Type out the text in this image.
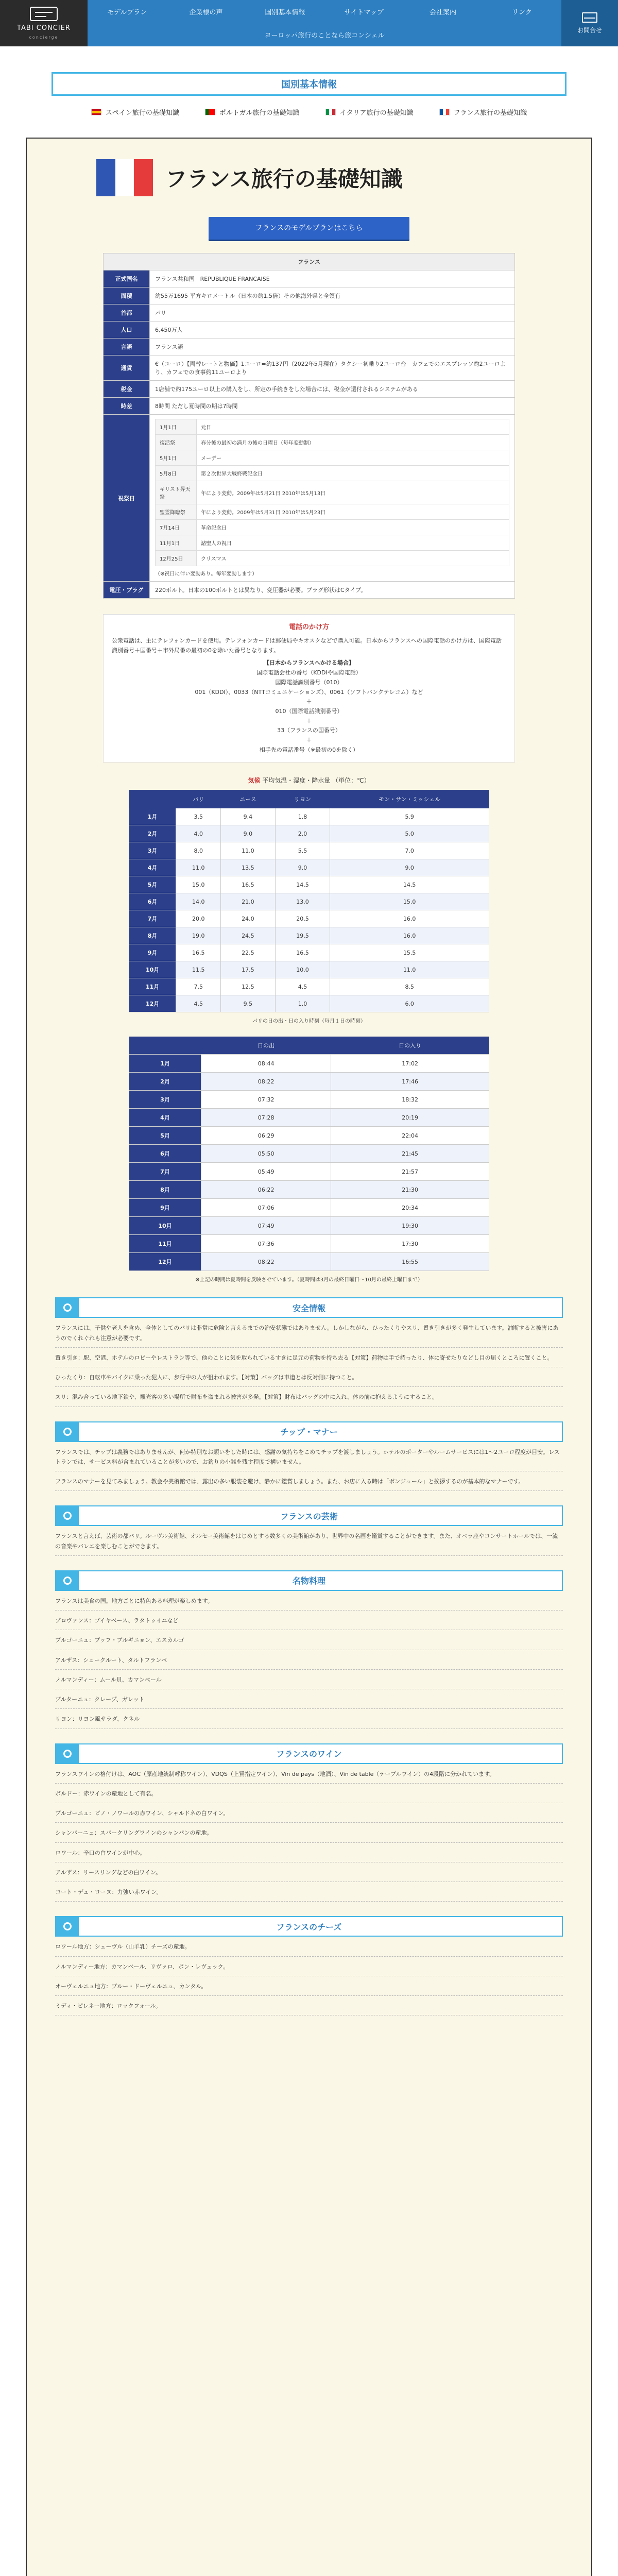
TABI CONCIER
concierge
モデルプラン	企業様の声	国別基本情報	サイトマップ	会社案内	リンク
ヨーロッパ旅行のことなら旅コンシェル
お問合せ
国別基本情報
スペイン旅行の基礎知識	ポルトガル旅行の基礎知識	イタリア旅行の基礎知識	フランス旅行の基礎知識
フランス旅行の基礎知識
フランスのモデルプランはこちら
フランス
正式国名	フランス共和国　REPUBLIQUE FRANCAISE
面積	約55万1695 平方キロメートル（日本の約1.5倍）その他海外県と全領有
首都	パリ
人口	6,450万人
言語	フランス語
通貨	€（ユーロ）【両替レートと物価】1ユーロ=約137円（2022年5月現在）タクシー初乗り2ユーロ台　カフェでのエスプレッソ約2ユーロより、カフェでの食事約11ユーロより
税金	1店舗で約175ユーロ以上の購入をし、所定の手続きをした場合には、税金が還付されるシステムがある
時差	8時間 ただし夏時間の期は7時間
祝祭日	
1月1日	元日
復活祭	春分後の最初の満月の後の日曜日（毎年変動制）
5月1日	メーデー
5月8日	第２次世界大戦終戦記念日
キリスト昇天祭	年により変動。2009年は5月21日 2010年は5月13日
聖霊降臨祭	年により変動。2009年は5月31日 2010年は5月23日
7月14日	革命記念日
11月1日	諸聖人の祝日
12月25日	クリスマス
（※祝日に伴い変動あり。毎年変動します）

電圧・プラグ	220ボルト。日本の100ボルトとは異なり、変圧器が必要。プラグ形状はCタイプ。
電話のかけ方

公衆電話は、主にテレフォンカードを使用。テレフォンカードは郵便局やキオスクなどで購入可能。日本からフランスへの国際電話のかけ方は、国際電話識別番号＋国番号＋市外局番の最初の0を除いた番号となります。

【日本からフランスへかける場合】
国際電話会社の番号（KDDIや国際電話）
国際電話識別番号（010）
001（KDDI）、0033（NTTコミュニケーションズ）、0061（ソフトバンクテレコム）など
＋
010（国際電話識別番号）
＋
33（フランスの国番号）
＋
相手先の電話番号（※最初の0を除く）
気候 平均気温・湿度・降水量 （単位：℃）
	パリ	ニース	リヨン	モン・サン・ミッシェル
1月	3.5	9.4	1.8	5.9
2月	4.0	9.0	2.0	5.0
3月	8.0	11.0	5.5	7.0
4月	11.0	13.5	9.0	9.0
5月	15.0	16.5	14.5	14.5
6月	14.0	21.0	13.0	15.0
7月	20.0	24.0	20.5	16.0
8月	19.0	24.5	19.5	16.0
9月	16.5	22.5	16.5	15.5
10月	11.5	17.5	10.0	11.0
11月	7.5	12.5	4.5	8.5
12月	4.5	9.5	1.0	6.0
パリの日の出・日の入り時刻（毎月１日の時刻）
	日の出	日の入り
1月	08:44	17:02
2月	08:22	17:46
3月	07:32	18:32
4月	07:28	20:19
5月	06:29	22:04
6月	05:50	21:45
7月	05:49	21:57
8月	06:22	21:30
9月	07:06	20:34
10月	07:49	19:30
11月	07:36	17:30
12月	08:22	16:55
※上記の時間は夏時間を反映させています。（夏時間は3月の最終日曜日〜10月の最終土曜日まで）
安全情報

フランスには、子供や老人を含め、全体としてのパリは非常に危険と言えるまでの治安状態ではありません。しかしながら、ひったくりやスリ、置き引きが多く発生しています。油断すると被害にあうのでくれぐれも注意が必要です。

置き引き：駅、空港、ホテルのロビーやレストラン等で、他のことに気を取られているすきに足元の荷物を持ち去る【対策】荷物は手で持ったり、体に寄せたりなどし目の届くところに置くこと。

ひったくり：自転車やバイクに乗った犯人に、歩行中の人が狙われます。【対策】バッグは車道とは反対側に持つこと。

スリ：混み合っている地下鉄や、観光客の多い場所で財布を盗まれる被害が多発。【対策】財布はバッグの中に入れ、体の前に抱えるようにすること。

チップ・マナー

フランスでは、チップは義務ではありませんが、何か特別なお願いをした時には、感謝の気持ちをこめてチップを渡しましょう。ホテルのポーターやルームサービスには1～2ユーロ程度が目安。レストランでは、サービス料が含まれていることが多いので、お釣りの小銭を残す程度で構いません。

フランスのマナーを見てみましょう。教会や美術館では、露出の多い服装を避け、静かに鑑賞しましょう。また、お店に入る時は「ボンジュール」と挨拶するのが基本的なマナーです。

フランスの芸術

フランスと言えば、芸術の都パリ。ルーヴル美術館、オルセー美術館をはじめとする数多くの美術館があり、世界中の名画を鑑賞することができます。また、オペラ座やコンサートホールでは、一流の音楽やバレエを楽しむことができます。

名物料理

フランスは美食の国。地方ごとに特色ある料理が楽しめます。

プロヴァンス：ブイヤベース、ラタトゥイユなど

ブルゴーニュ：ブッフ・ブルギニョン、エスカルゴ

アルザス：シュークルート、タルトフランベ

ノルマンディー：ムール貝、カマンベール

ブルターニュ：クレープ、ガレット

リヨン：リヨン風サラダ、クネル

フランスのワイン

フランスワインの格付けは、AOC（原産地統制呼称ワイン）、VDQS（上質指定ワイン）、Vin de pays（地酒）、Vin de table（テーブルワイン）の4段階に分かれています。

ボルドー：赤ワインの産地として有名。

ブルゴーニュ：ピノ・ノワールの赤ワイン、シャルドネの白ワイン。

シャンパーニュ：スパークリングワインのシャンパンの産地。

ロワール：辛口の白ワインが中心。

アルザス：リースリングなどの白ワイン。

コート・デュ・ローヌ：力強い赤ワイン。

フランスのチーズ

ロワール地方：シェーヴル（山羊乳）チーズの産地。

ノルマンディー地方：カマンベール、リヴァロ、ポン・レヴェック。

オーヴェルニュ地方：ブルー・ドーヴェルニュ、カンタル。

ミディ・ピレネー地方：ロックフォール。
